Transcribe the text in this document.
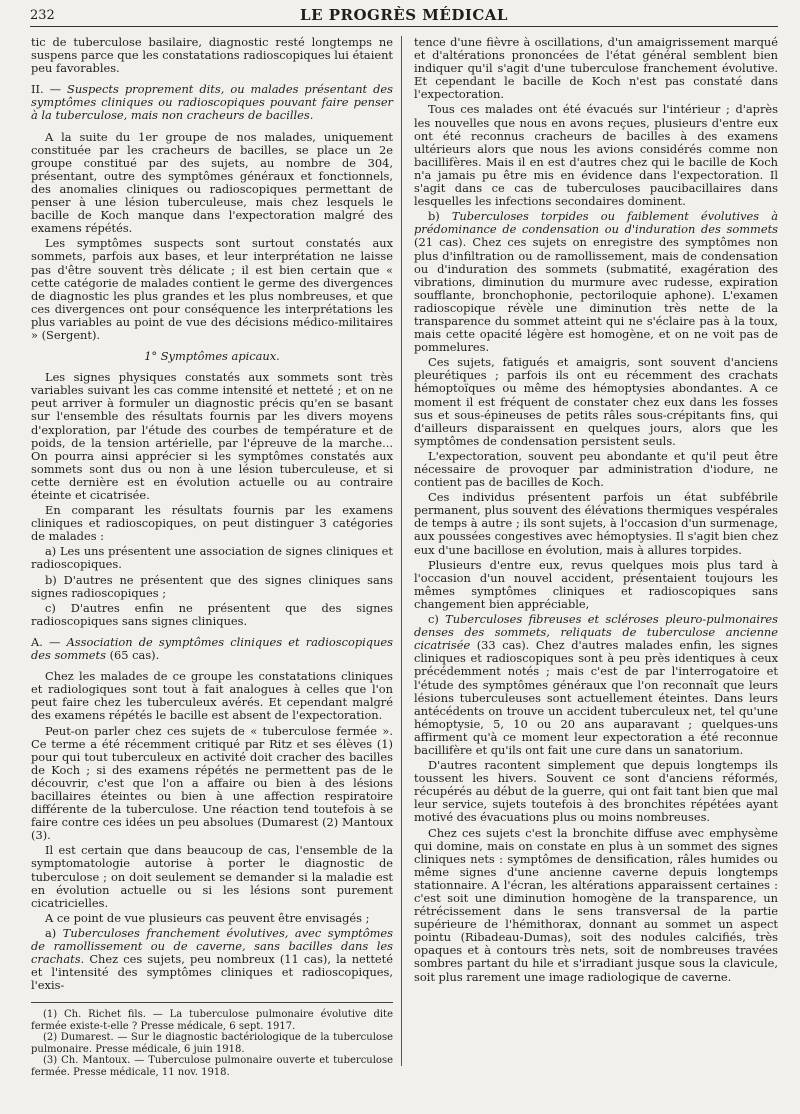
232	LE PROGRÈS MÉDICAL

tic de tuberculose basilaire, diagnostic resté longtemps ne suspens parce que les constatations radioscopiques lui étaient peu favorables.

II. — Suspects proprement dits, ou malades présentant des symptômes cliniques ou radioscopiques pouvant faire penser à la tuberculose, mais non cracheurs de bacilles.

A la suite du 1er groupe de nos malades, uniquement constituée par les cracheurs de bacilles, se place un 2e groupe constitué par des sujets, au nombre de 304, présentant, outre des symptômes généraux et fonctionnels, des anomalies cliniques ou radioscopiques permettant de penser à une lésion tuberculeuse, mais chez lesquels le bacille de Koch manque dans l'expectoration malgré des examens répétés.

Les symptômes suspects sont surtout constatés aux sommets, parfois aux bases, et leur interprétation ne laisse pas d'être souvent très délicate ; il est bien certain que « cette catégorie de malades contient le germe des divergences de diagnostic les plus grandes et les plus nombreuses, et que ces divergences ont pour conséquence les interprétations les plus variables au point de vue des décisions médico-militaires » (Sergent).

1° Symptômes apicaux.

Les signes physiques constatés aux sommets sont très variables suivant les cas comme intensité et netteté ; et on ne peut arriver à formuler un diagnostic précis qu'en se basant sur l'ensemble des résultats fournis par les divers moyens d'exploration, par l'étude des courbes de température et de poids, de la tension artérielle, par l'épreuve de la marche... On pourra ainsi apprécier si les symptômes constatés aux sommets sont dus ou non à une lésion tuberculeuse, et si cette dernière est en évolution actuelle ou au contraire éteinte et cicatrisée.

En comparant les résultats fournis par les examens cliniques et radioscopiques, on peut distinguer 3 catégories de malades :

a) Les uns présentent une association de signes cliniques et radioscopiques.

b) D'autres ne présentent que des signes cliniques sans signes radioscopiques ;

c) D'autres enfin ne présentent que des signes radioscopiques sans signes cliniques.

A. — Association de symptômes cliniques et radioscopiques des sommets (65 cas).

Chez les malades de ce groupe les constatations cliniques et radiologiques sont tout à fait analogues à celles que l'on peut faire chez les tuberculeux avérés. Et cependant malgré des examens répétés le bacille est absent de l'expectoration.

Peut-on parler chez ces sujets de « tuberculose fermée ». Ce terme a été récemment critiqué par Ritz et ses élèves (1) pour qui tout tuberculeux en activité doit cracher des bacilles de Koch ; si des examens répétés ne permettent pas de le découvrir, c'est que l'on a affaire ou bien à des lésions bacillaires éteintes ou bien à une affection respiratoire différente de la tuberculose. Une réaction tend toutefois à se faire contre ces idées un peu absolues (Dumarest (2) Mantoux (3).

Il est certain que dans beaucoup de cas, l'ensemble de la symptomatologie autorise à porter le diagnostic de tuberculose ; on doit seulement se demander si la maladie est en évolution actuelle ou si les lésions sont purement cicatricielles.

A ce point de vue plusieurs cas peuvent être envisagés ;

a) Tuberculoses franchement évolutives, avec symptômes de ramollissement ou de caverne, sans bacilles dans les crachats. Chez ces sujets, peu nombreux (11 cas), la netteté et l'intensité des symptômes cliniques et radioscopiques, l'exis-

(1) Ch. Richet fils. — La tuberculose pulmonaire évolutive dite fermée existe-t-elle ? Presse médicale, 6 sept. 1917.

(2) Dumarest. — Sur le diagnostic bactériologique de la tuberculose pulmonaire. Presse médicale, 6 juin 1918.

(3) Ch. Mantoux. — Tuberculose pulmonaire ouverte et tuberculose fermée. Presse médicale, 11 nov. 1918.

tence d'une fièvre à oscillations, d'un amaigrissement marqué et d'altérations prononcées de l'état général semblent bien indiquer qu'il s'agit d'une tuberculose franchement évolutive. Et cependant le bacille de Koch n'est pas constaté dans l'expectoration.

Tous ces malades ont été évacués sur l'intérieur ; d'après les nouvelles que nous en avons reçues, plusieurs d'entre eux ont été reconnus cracheurs de bacilles à des examens ultérieurs alors que nous les avions considérés comme non bacillifères. Mais il en est d'autres chez qui le bacille de Koch n'a jamais pu être mis en évidence dans l'expectoration. Il s'agit dans ce cas de tuberculoses paucibacillaires dans lesquelles les infections secondaires dominent.

b) Tuberculoses torpides ou faiblement évolutives à prédominance de condensation ou d'induration des sommets (21 cas). Chez ces sujets on enregistre des symptômes non plus d'infiltration ou de ramollissement, mais de condensation ou d'induration des sommets (submatité, exagération des vibrations, diminution du murmure avec rudesse, expiration soufflante, bronchophonie, pectoriloquie aphone). L'examen radioscopique révèle une diminution très nette de la transparence du sommet atteint qui ne s'éclaire pas à la toux, mais cette opacité légère est homogène, et on ne voit pas de pommelures.

Ces sujets, fatigués et amaigris, sont souvent d'anciens pleurétiques ; parfois ils ont eu récemment des crachats hémoptoïques ou même des hémoptysies abondantes. A ce moment il est fréquent de constater chez eux dans les fosses sus et sous-épineuses de petits râles sous-crépitants fins, qui d'ailleurs disparaissent en quelques jours, alors que les symptômes de condensation persistent seuls.

L'expectoration, souvent peu abondante et qu'il peut être nécessaire de provoquer par administration d'iodure, ne contient pas de bacilles de Koch.

Ces individus présentent parfois un état subfébrile permanent, plus souvent des élévations thermiques vespérales de temps à autre ; ils sont sujets, à l'occasion d'un surmenage, aux poussées congestives avec hémoptysies. Il s'agit bien chez eux d'une bacillose en évolution, mais à allures torpides.

Plusieurs d'entre eux, revus quelques mois plus tard à l'occasion d'un nouvel accident, présentaient toujours les mêmes symptômes cliniques et radioscopiques sans changement bien appréciable,

c) Tuberculoses fibreuses et scléroses pleuro-pulmonaires denses des sommets, reliquats de tuberculose ancienne cicatrisée (33 cas). Chez d'autres malades enfin, les signes cliniques et radioscopiques sont à peu près identiques à ceux précédemment notés ; mais c'est de par l'interrogatoire et l'étude des symptômes généraux que l'on reconnaît que leurs lésions tuberculeuses sont actuellement éteintes. Dans leurs antécédents on trouve un accident tuberculeux net, tel qu'une hémoptysie, 5, 10 ou 20 ans auparavant ; quelques-uns affirment qu'à ce moment leur expectoration a été reconnue bacillifère et qu'ils ont fait une cure dans un sanatorium.

D'autres racontent simplement que depuis longtemps ils toussent les hivers. Souvent ce sont d'anciens réformés, récupérés au début de la guerre, qui ont fait tant bien que mal leur service, sujets toutefois à des bronchites répétées ayant motivé des évacuations plus ou moins nombreuses.

Chez ces sujets c'est la bronchite diffuse avec emphysème qui domine, mais on constate en plus à un sommet des signes cliniques nets : symptômes de densification, râles humides ou même signes d'une ancienne caverne depuis longtemps stationnaire. A l'écran, les altérations apparaissent certaines : c'est soit une diminution homogène de la transparence, un rétrécissement dans le sens transversal de la partie supérieure de l'hémithorax, donnant au sommet un aspect pointu (Ribadeau-Dumas), soit des nodules calcifiés, très opaques et à contours très nets, soit de nombreuses travées sombres partant du hile et s'irradiant jusque sous la clavicule, soit plus rarement une image radiologique de caverne.
